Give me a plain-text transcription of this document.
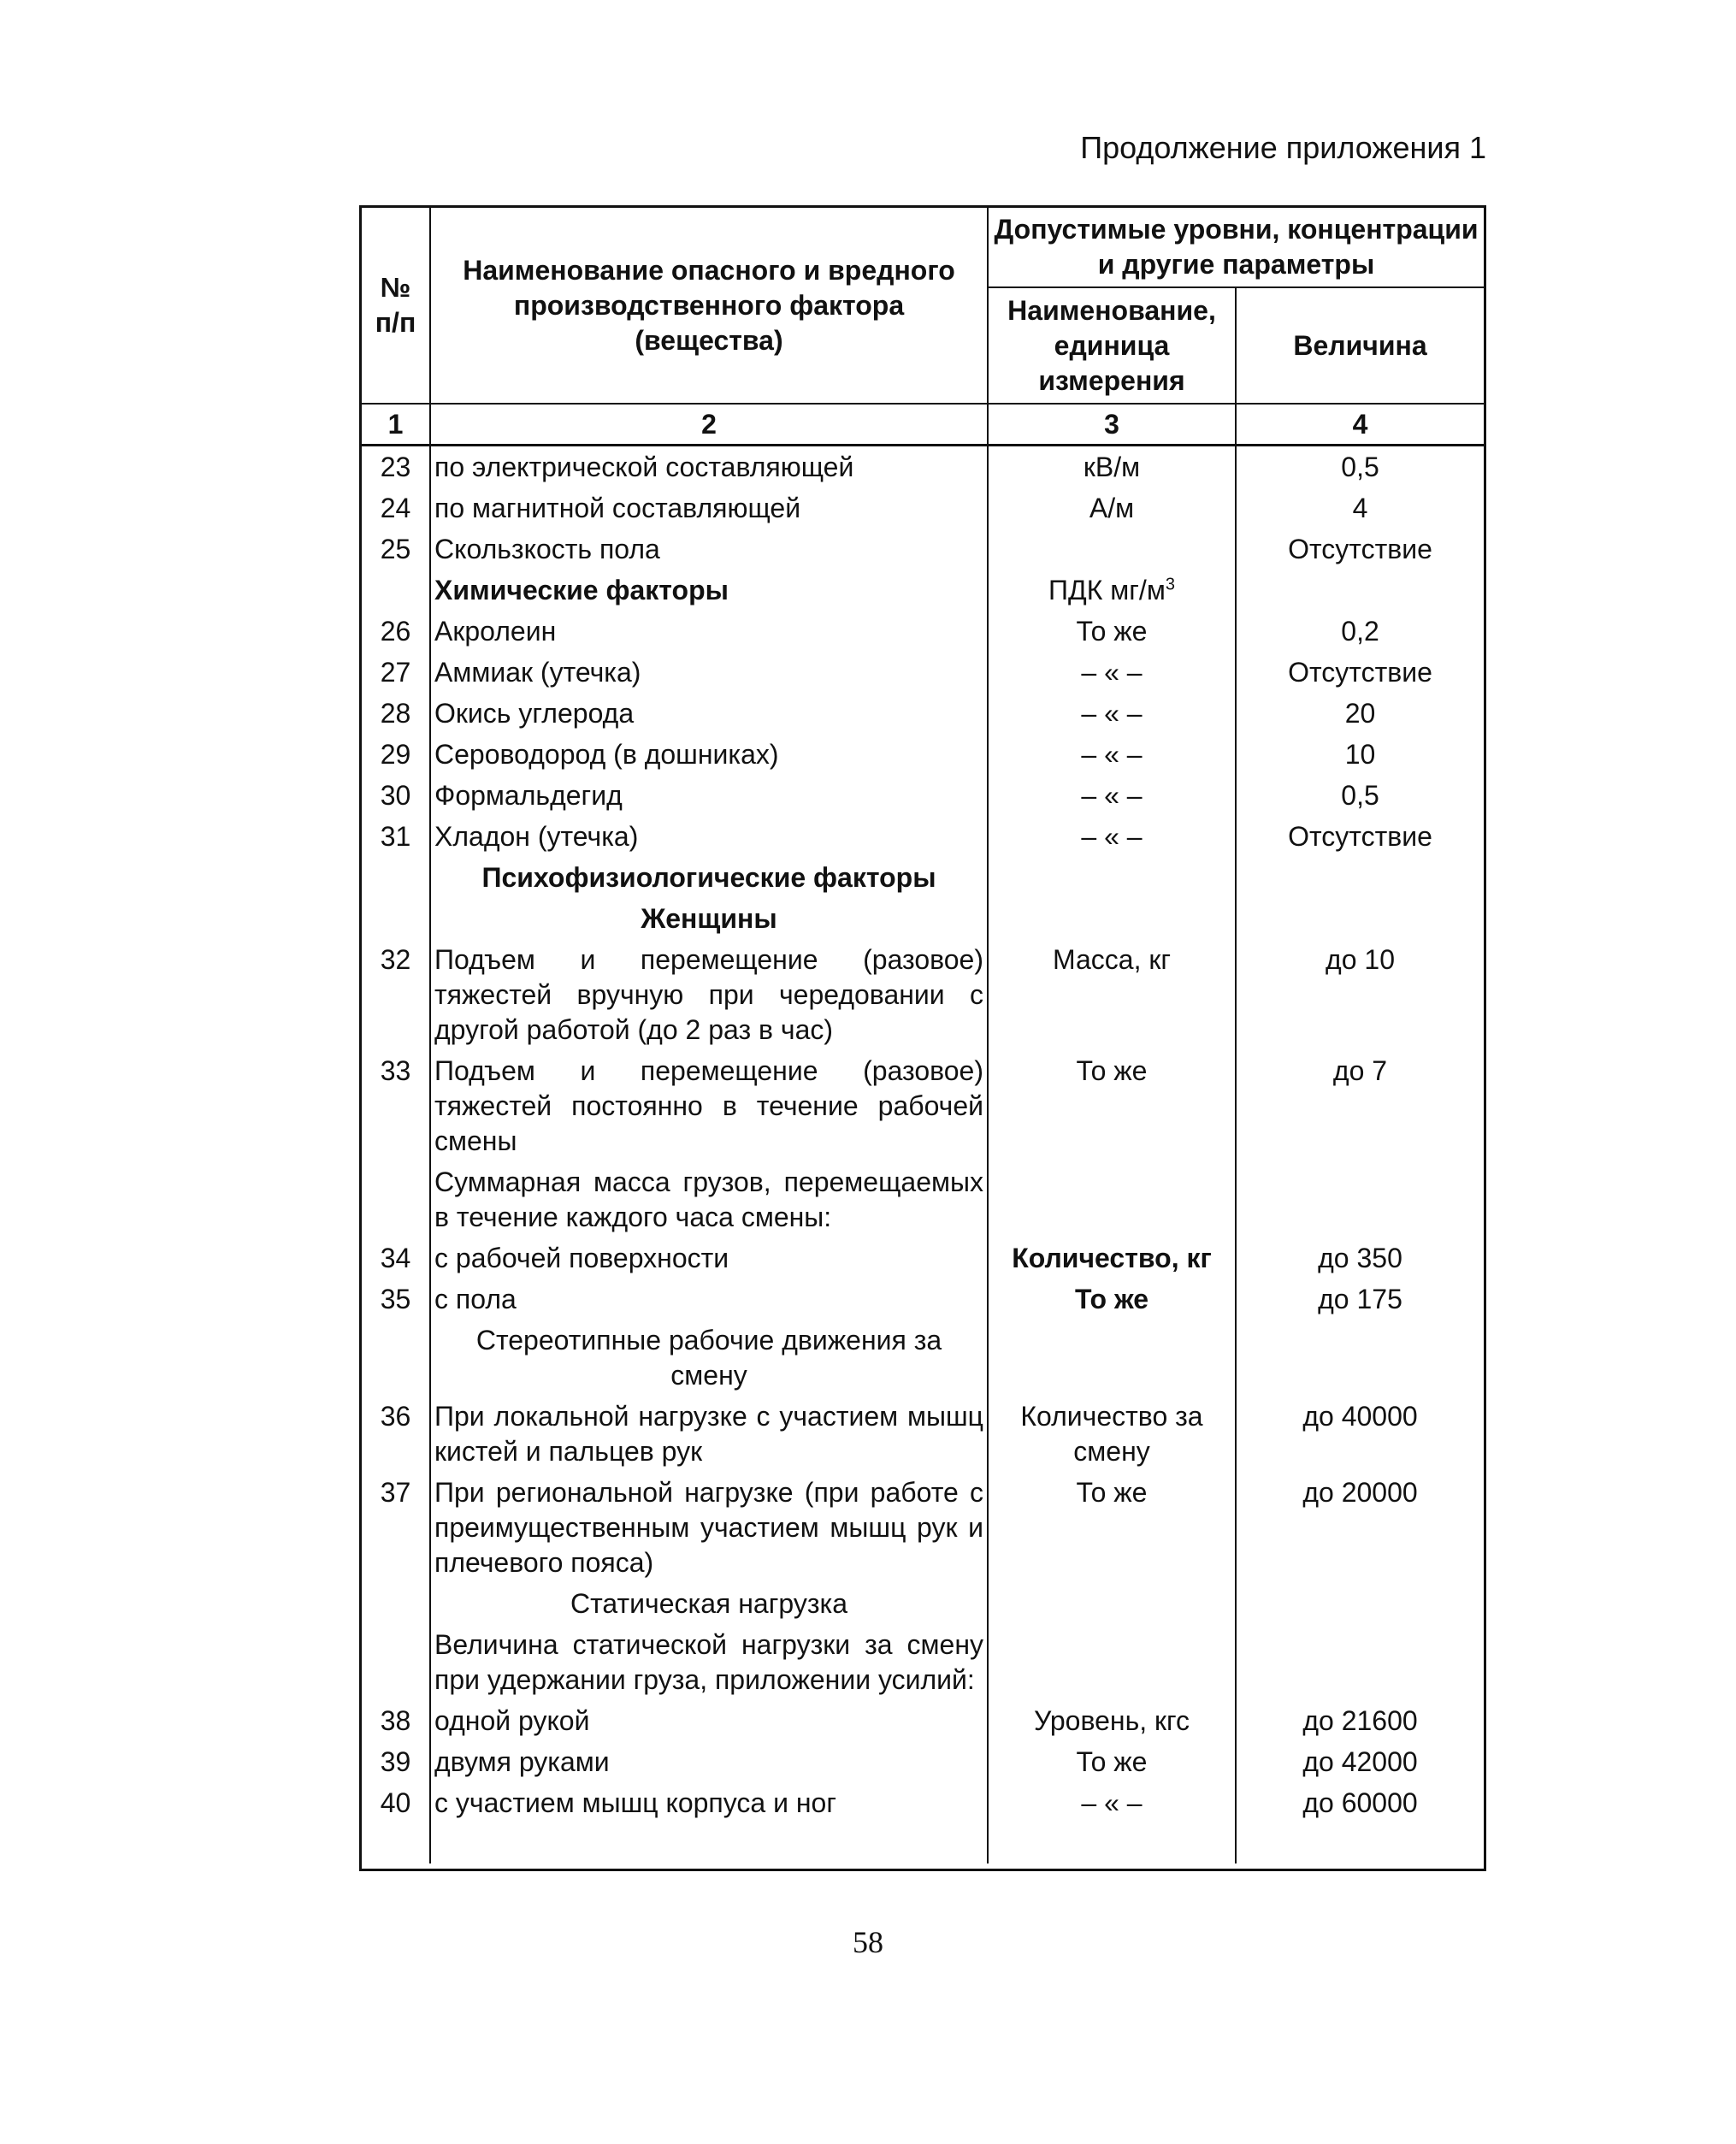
Продолжение приложения 1
№ п/п	Наименование опасного и вредного производственного фактора (вещества)	Допустимые уровни, концентрации и другие параметры	
		Наименование, единица измерения	Величина
1	2	3	4
23	по электрической составляющей	кВ/м	0,5
24	по магнитной составляющей	А/м	4
25	Скользкость пола		Отсутствие
	Химические факторы	ПДК $мг/м^3$	
26	Акролеин	То же	0,2
27	Аммиак (утечка)	– « –	Отсутствие
28	Окись углерода	– « –	20
29	Сероводород (в дошниках)	– « –	10
30	Формальдегид	– « –	0,5
31	Хладон (утечка)	– « –	Отсутствие
	Психофизиологические факторы		
	Женщины		
32	Подъем и перемещение (разовое) тяжестей вручную при чередовании с другой работой (до 2 раз в час)	Масса, кг	до 10
33	Подъем и перемещение (разовое) тяжестей постоянно в течение рабочей смены	То же	до 7
	Суммарная масса грузов, перемещаемых в течение каждого часа смены:		
34	с рабочей поверхности	Количество, кг	до 350
35	с пола	То же	до 175
	Стереотипные рабочие движения за смену		
36	При локальной нагрузке с участием мышц кистей и пальцев рук	Количество за смену	до 40000
37	При региональной нагрузке (при работе с преимущественным участием мышц рук и плечевого пояса)	То же	до 20000
	Статическая нагрузка		
	Величина статической нагрузки за смену при удержании груза, приложении усилий:		
38	одной рукой	Уровень, кгс	до 21600
39	двумя руками	То же	до 42000
40	с участием мышц корпуса и ног	– « –	до 60000

58
